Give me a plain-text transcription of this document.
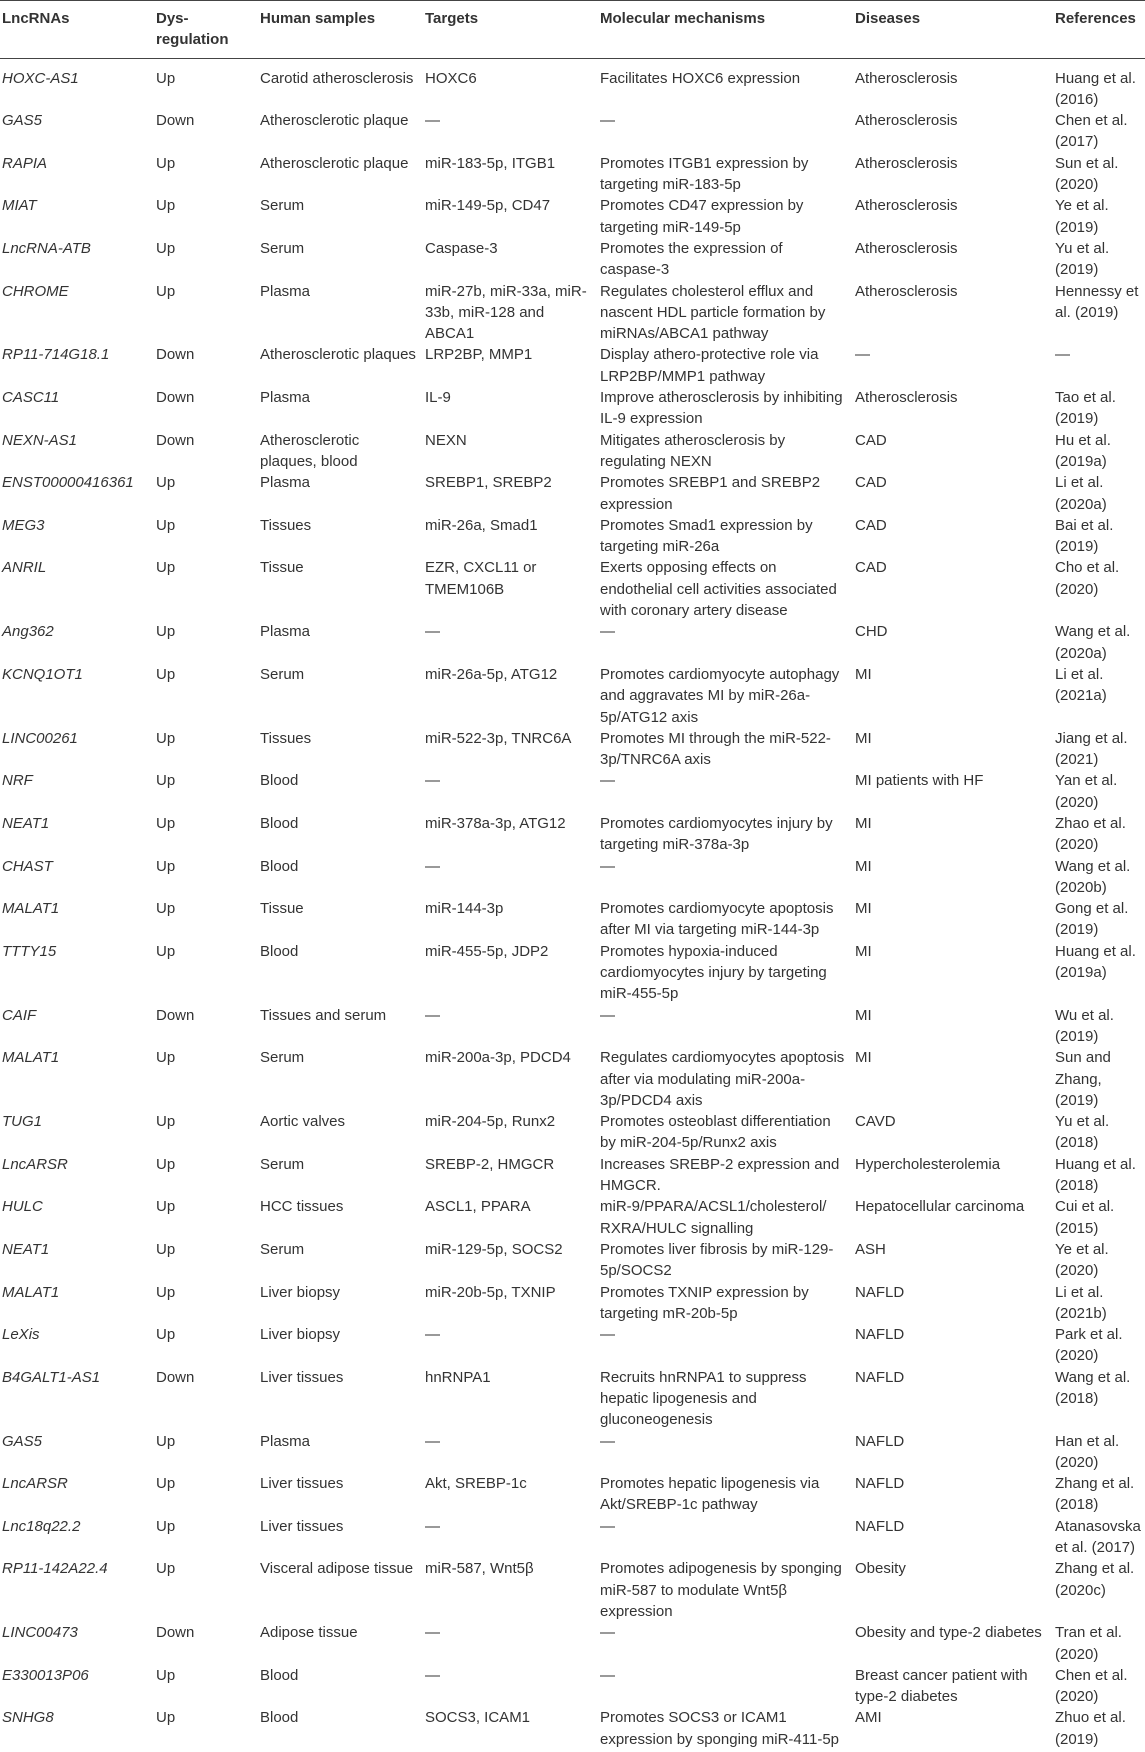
LncRNAs	Dys-regulation	Human samples	Targets	Molecular mechanisms	Diseases	References
HOXC-AS1	Up	Carotid atherosclerosis	HOXC6	Facilitates HOXC6 expression	Atherosclerosis	Huang et al. (2016)
GAS5	Down	Atherosclerotic plaque	—	—	Atherosclerosis	Chen et al. (2017)
RAPIA	Up	Atherosclerotic plaque	miR-183-5p, ITGB1	Promotes ITGB1 expression by targeting miR-183-5p	Atherosclerosis	Sun et al. (2020)
MIAT	Up	Serum	miR-149-5p, CD47	Promotes CD47 expression by targeting miR-149-5p	Atherosclerosis	Ye et al. (2019)
LncRNA-ATB	Up	Serum	Caspase-3	Promotes the expression of caspase-3	Atherosclerosis	Yu et al. (2019)
CHROME	Up	Plasma	miR-27b, miR-33a, miR-33b, miR-128 and ABCA1	Regulates cholesterol efflux and nascent HDL particle formation by miRNAs/ABCA1 pathway	Atherosclerosis	Hennessy et al. (2019)
RP11-714G18.1	Down	Atherosclerotic plaques	LRP2BP, MMP1	Display athero-protective role via LRP2BP/MMP1 pathway	—	—
CASC11	Down	Plasma	IL-9	Improve atherosclerosis by inhibiting IL-9 expression	Atherosclerosis	Tao et al. (2019)
NEXN-AS1	Down	Atherosclerotic plaques, blood	NEXN	Mitigates atherosclerosis by regulating NEXN	CAD	Hu et al. (2019a)
ENST00000416361	Up	Plasma	SREBP1, SREBP2	Promotes SREBP1 and SREBP2 expression	CAD	Li et al. (2020a)
MEG3	Up	Tissues	miR-26a, Smad1	Promotes Smad1 expression by targeting miR-26a	CAD	Bai et al. (2019)
ANRIL	Up	Tissue	EZR, CXCL11 or TMEM106B	Exerts opposing effects on endothelial cell activities associated with coronary artery disease	CAD	Cho et al. (2020)
Ang362	Up	Plasma	—	—	CHD	Wang et al. (2020a)
KCNQ1OT1	Up	Serum	miR-26a-5p, ATG12	Promotes cardiomyocyte autophagy and aggravates MI by miR-26a-5p/ATG12 axis	MI	Li et al. (2021a)
LINC00261	Up	Tissues	miR-522-3p, TNRC6A	Promotes MI through the miR-522-3p/TNRC6A axis	MI	Jiang et al. (2021)
NRF	Up	Blood	—	—	MI patients with HF	Yan et al. (2020)
NEAT1	Up	Blood	miR-378a-3p, ATG12	Promotes cardiomyocytes injury by targeting miR-378a-3p	MI	Zhao et al. (2020)
CHAST	Up	Blood	—	—	MI	Wang et al. (2020b)
MALAT1	Up	Tissue	miR-144-3p	Promotes cardiomyocyte apoptosis after MI via targeting miR-144-3p	MI	Gong et al. (2019)
TTTY15	Up	Blood	miR-455-5p, JDP2	Promotes hypoxia-induced cardiomyocytes injury by targeting miR-455-5p	MI	Huang et al. (2019a)
CAIF	Down	Tissues and serum	—	—	MI	Wu et al. (2019)
MALAT1	Up	Serum	miR-200a-3p, PDCD4	Regulates cardiomyocytes apoptosis after via modulating miR-200a-3p/PDCD4 axis	MI	Sun and Zhang, (2019)
TUG1	Up	Aortic valves	miR-204-5p, Runx2	Promotes osteoblast differentiation by miR-204-5p/Runx2 axis	CAVD	Yu et al. (2018)
LncARSR	Up	Serum	SREBP-2, HMGCR	Increases SREBP-2 expression and HMGCR.	Hypercholesterolemia	Huang et al. (2018)
HULC	Up	HCC tissues	ASCL1, PPARA	miR-9/PPARA/ACSL1/cholesterol/ RXRA/HULC signalling	Hepatocellular carcinoma	Cui et al. (2015)
NEAT1	Up	Serum	miR-129-5p, SOCS2	Promotes liver fibrosis by miR-129-5p/SOCS2	ASH	Ye et al. (2020)
MALAT1	Up	Liver biopsy	miR-20b-5p, TXNIP	Promotes TXNIP expression by targeting mR-20b-5p	NAFLD	Li et al. (2021b)
LeXis	Up	Liver biopsy	—	—	NAFLD	Park et al. (2020)
B4GALT1-AS1	Down	Liver tissues	hnRNPA1	Recruits hnRNPA1 to suppress hepatic lipogenesis and gluconeogenesis	NAFLD	Wang et al. (2018)
GAS5	Up	Plasma	—	—	NAFLD	Han et al. (2020)
LncARSR	Up	Liver tissues	Akt, SREBP-1c	Promotes hepatic lipogenesis via Akt/SREBP-1c pathway	NAFLD	Zhang et al. (2018)
Lnc18q22.2	Up	Liver tissues	—	—	NAFLD	Atanasovska et al. (2017)
RP11-142A22.4	Up	Visceral adipose tissue	miR-587, Wnt5β	Promotes adipogenesis by sponging miR-587 to modulate Wnt5β expression	Obesity	Zhang et al. (2020c)
LINC00473	Down	Adipose tissue	—	—	Obesity and type-2 diabetes	Tran et al. (2020)
E330013P06	Up	Blood	—	—	Breast cancer patient with type-2 diabetes	Chen et al. (2020)
SNHG8	Up	Blood	SOCS3, ICAM1	Promotes SOCS3 or ICAM1 expression by sponging miR-411-5p	AMI	Zhuo et al. (2019)
